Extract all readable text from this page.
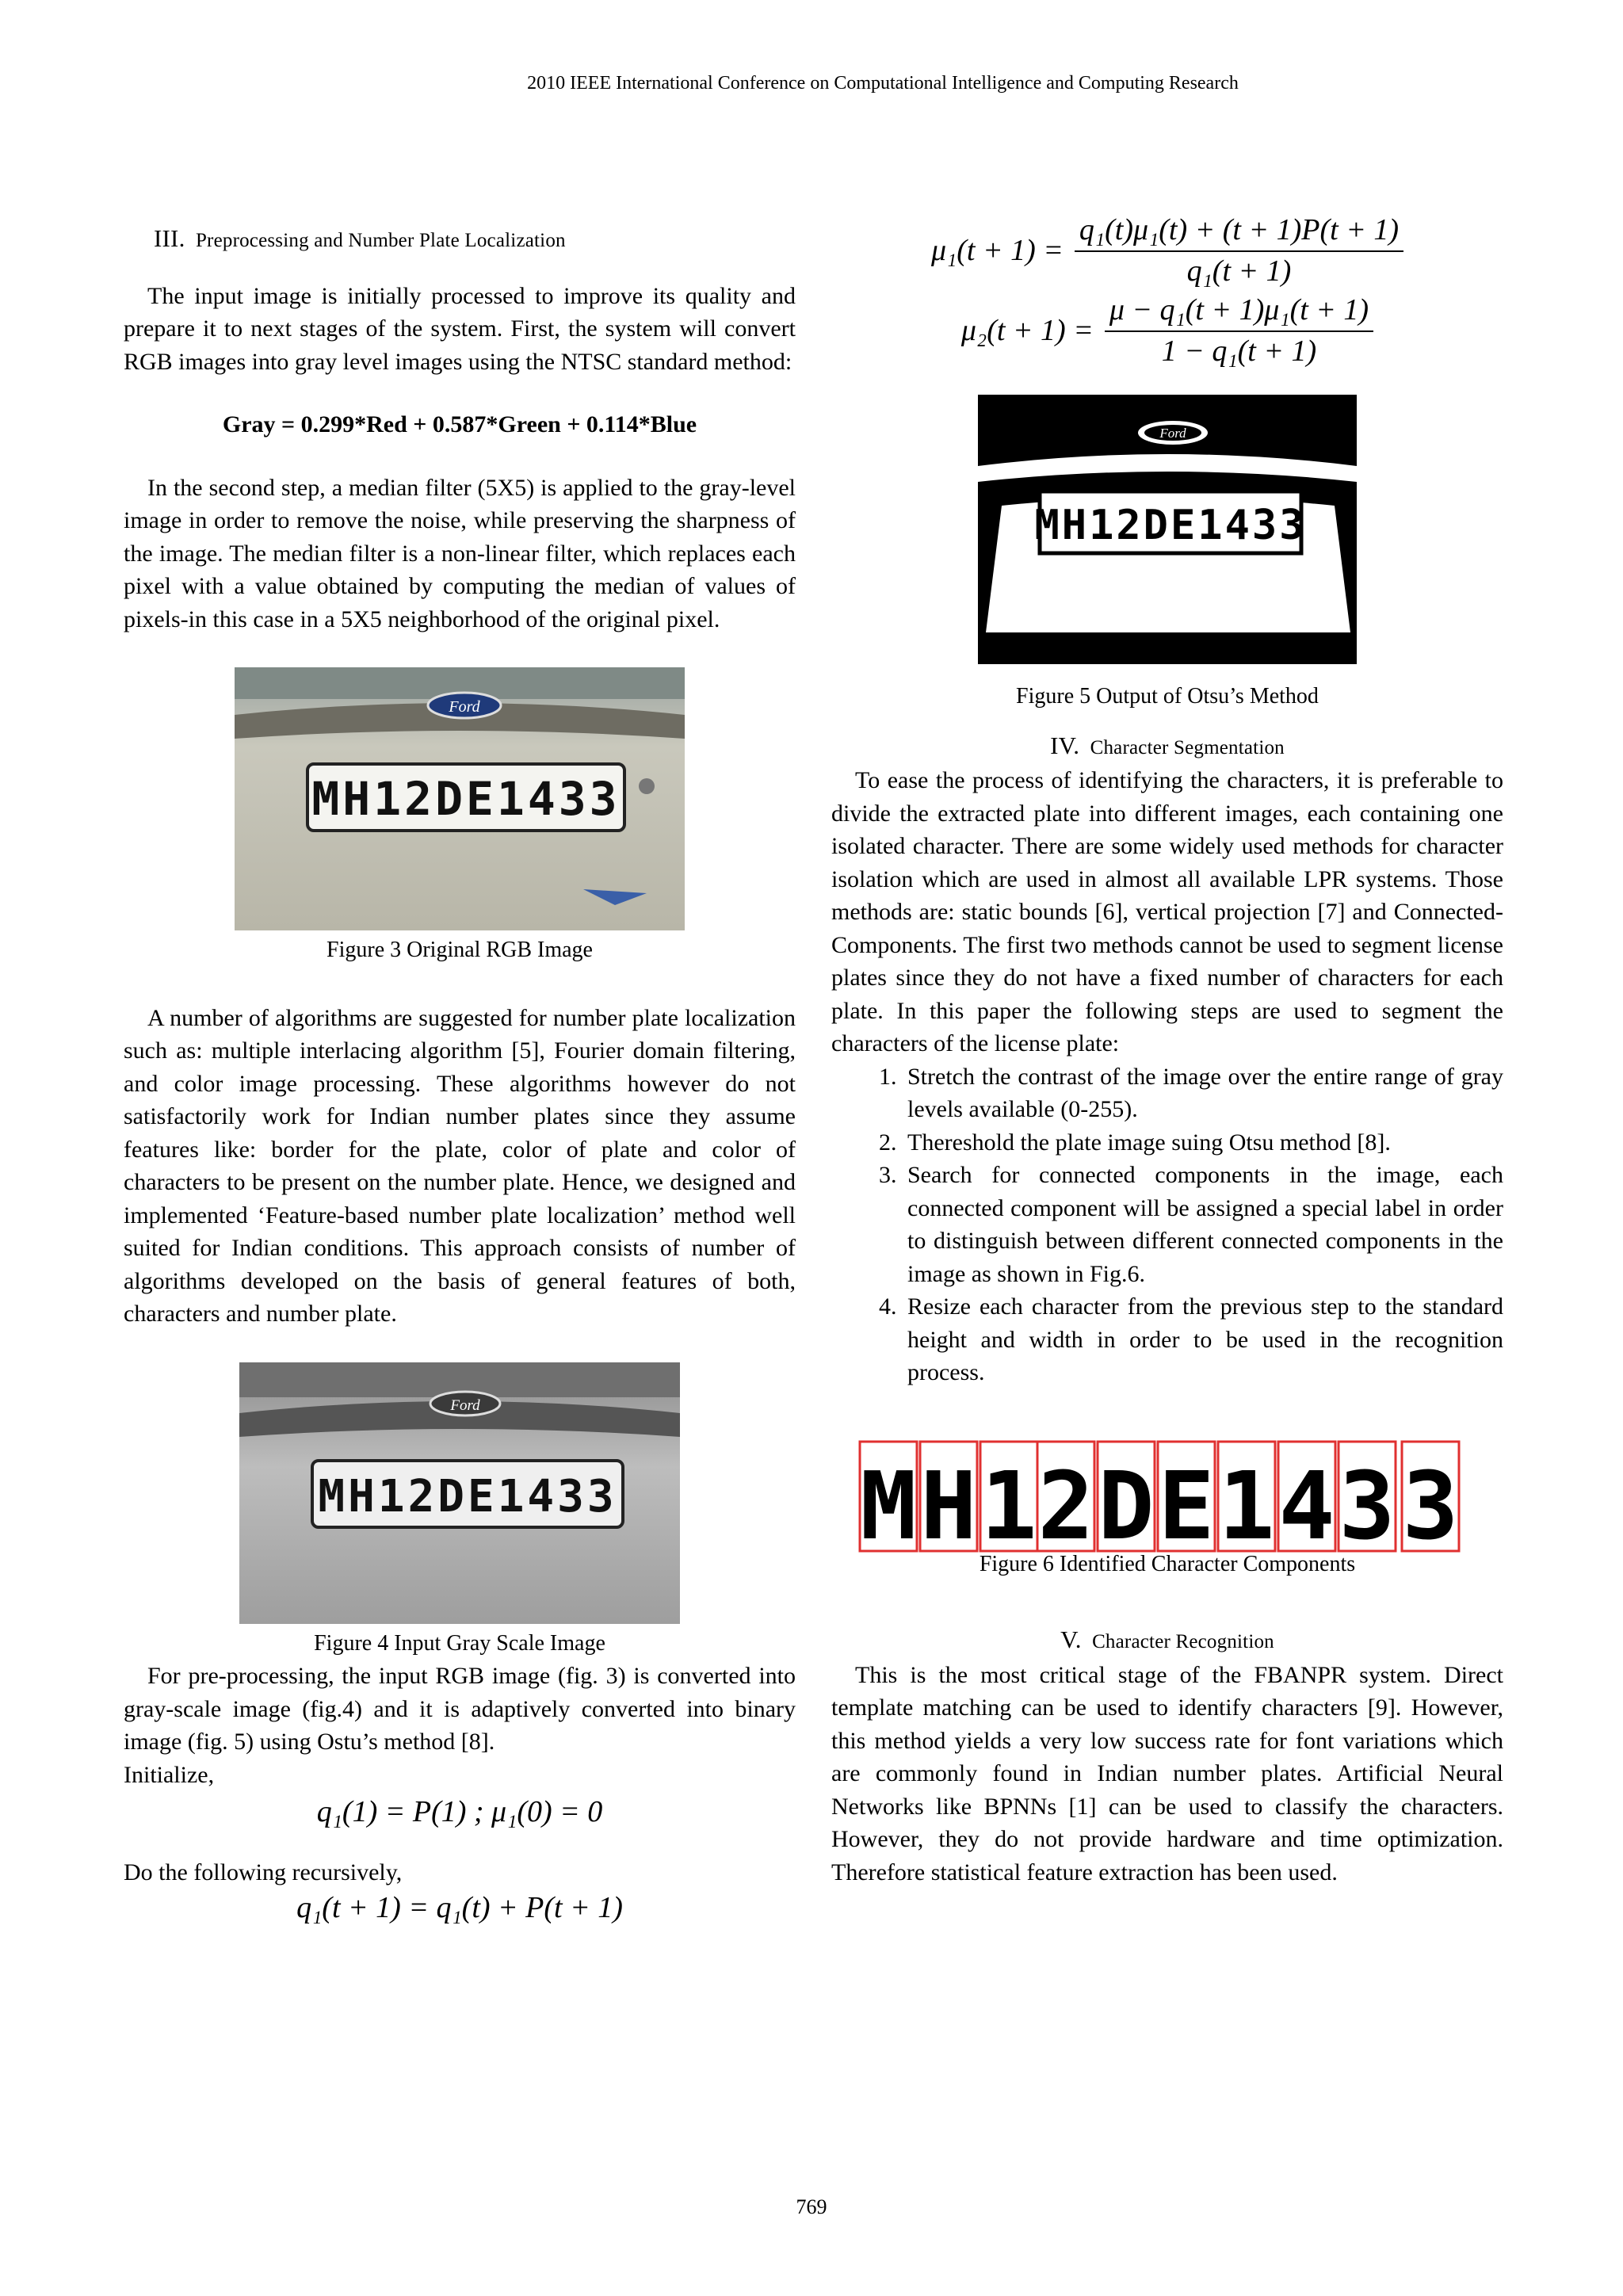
2010 IEEE International Conference on Computational Intelligence and Computing Research
III. Preprocessing and Number Plate Localization

The input image is initially processed to improve its quality and prepare it to next stages of the system. First, the system will convert RGB images into gray level images using the NTSC standard method:

Gray = 0.299*Red + 0.587*Green + 0.114*Blue

In the second step, a median filter (5X5) is applied to the gray-level image in order to remove the noise, while preserving the sharpness of the image. The median filter is a non-linear filter, which replaces each pixel with a value obtained by computing the median of values of pixels-in this case in a 5X5 neighborhood of the original pixel.

Ford
MH12DE1433
Figure 3 Original RGB Image

A number of algorithms are suggested for number plate localization such as: multiple interlacing algorithm [5], Fourier domain filtering, and color image processing. These algorithms however do not satisfactorily work for Indian number plates since they assume features like: border for the plate, color of plate and color of characters to be present on the number plate. Hence, we designed and implemented ‘Feature-based number plate localization’ method well suited for Indian conditions. This approach consists of number of algorithms developed on the basis of general features of both, characters and number plate.

Ford
MH12DE1433
Figure 4 Input Gray Scale Image

For pre-processing, the input RGB image (fig. 3) is converted into gray-scale image (fig.4) and it is adaptively converted into binary image (fig. 5) using Ostu’s method [8].

Initialize,
q₁(1) = P(1) ; μ₁(0) = 0
Do the following recursively,
q₁(t + 1) = q₁(t) + P(t + 1)
$\mu_1(t + 1) = \frac{\text{q₁(t)μ₁(t) + (t + 1)P(t + 1)}}{\text{q₁(t + 1)}}$
$\mu_2(t + 1) = \frac{\text{μ − q₁(t + 1)μ₁(t + 1)}}{\text{1 − q₁(t + 1)}}$
Ford
MH12DE1433
Figure 5 Output of Otsu’s Method
IV. Character Segmentation

To ease the process of identifying the characters, it is preferable to divide the extracted plate into different images, each containing one isolated character. There are some widely used methods for character isolation which are used in almost all available LPR systems. Those methods are: static bounds [6], vertical projection [7] and Connected-Components. The first two methods cannot be used to segment license plates since they do not have a fixed number of characters for each plate. In this paper the following steps are used to segment the characters of the license plate:

1. Stretch the contrast of the image over the entire range of gray levels available (0-255).
2. Thereshold the plate image suing Otsu method [8].
3. Search for connected components in the image, each connected component will be assigned a special label in order to distinguish between different connected components in the image as shown in Fig.6.
4. Resize each character from the previous step to the standard height and width in order to be used in the recognition process.
M H 1 2 D E 1 4 3 3
Figure 6 Identified Character Components
V. Character Recognition

This is the most critical stage of the FBANPR system. Direct template matching can be used to identify characters [9]. However, this method yields a very low success rate for font variations which are commonly found in Indian number plates. Artificial Neural Networks like BPNNs [1] can be used to classify the characters. However, they do not provide hardware and time optimization. Therefore statistical feature extraction has been used.

769
